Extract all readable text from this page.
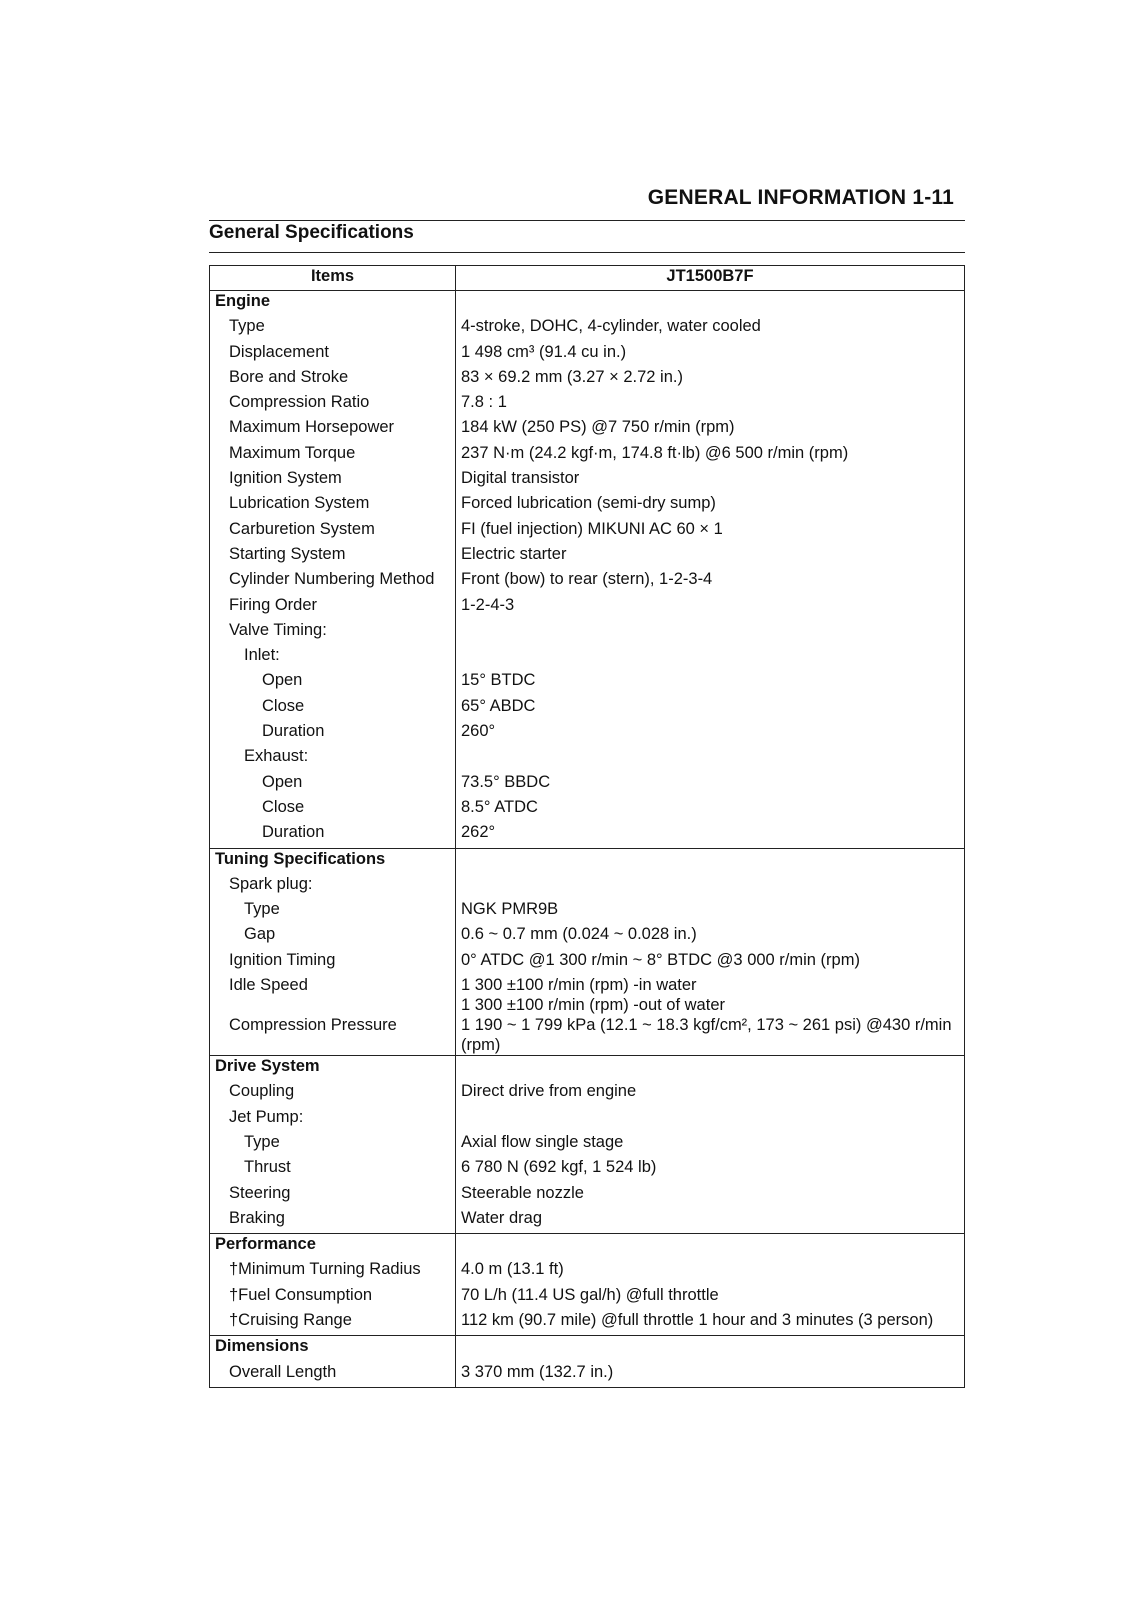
GENERAL INFORMATION 1-11
General Specifications
Items	JT1500B7F
Engine	
Type	4-stroke, DOHC, 4-cylinder, water cooled
Displacement	1 498 cm³ (91.4 cu in.)
Bore and Stroke	83 × 69.2 mm (3.27 × 2.72 in.)
Compression Ratio	7.8 : 1
Maximum Horsepower	184 kW (250 PS) @7 750 r/min (rpm)
Maximum Torque	237 N·m (24.2 kgf·m, 174.8 ft·lb) @6 500 r/min (rpm)
Ignition System	Digital transistor
Lubrication System	Forced lubrication (semi-dry sump)
Carburetion System	FI (fuel injection) MIKUNI AC 60 × 1
Starting System	Electric starter
Cylinder Numbering Method	Front (bow) to rear (stern), 1-2-3-4
Firing Order	1-2-4-3
Valve Timing:	
Inlet:	
Open	15° BTDC
Close	65° ABDC
Duration	260°
Exhaust:	
Open	73.5° BBDC
Close	8.5° ATDC
Duration	262°
Tuning Specifications	
Spark plug:	
Type	NGK PMR9B
Gap	0.6 ~ 0.7 mm (0.024 ~ 0.028 in.)
Ignition Timing	0° ATDC @1 300 r/min ~ 8° BTDC @3 000 r/min (rpm)
Idle Speed	1 300 ±100 r/min (rpm) -in water
1 300 ±100 r/min (rpm) -out of water
Compression Pressure	1 190 ~ 1 799 kPa (12.1 ~ 18.3 kgf/cm², 173 ~ 261 psi) @430 r/min (rpm)
Drive System	
Coupling	Direct drive from engine
Jet Pump:	
Type	Axial flow single stage
Thrust	6 780 N (692 kgf, 1 524 lb)
Steering	Steerable nozzle
Braking	Water drag
Performance	
†Minimum Turning Radius	4.0 m (13.1 ft)
†Fuel Consumption	70 L/h (11.4 US gal/h) @full throttle
†Cruising Range	112 km (90.7 mile) @full throttle 1 hour and 3 minutes (3 person)
Dimensions	
Overall Length	3 370 mm (132.7 in.)
